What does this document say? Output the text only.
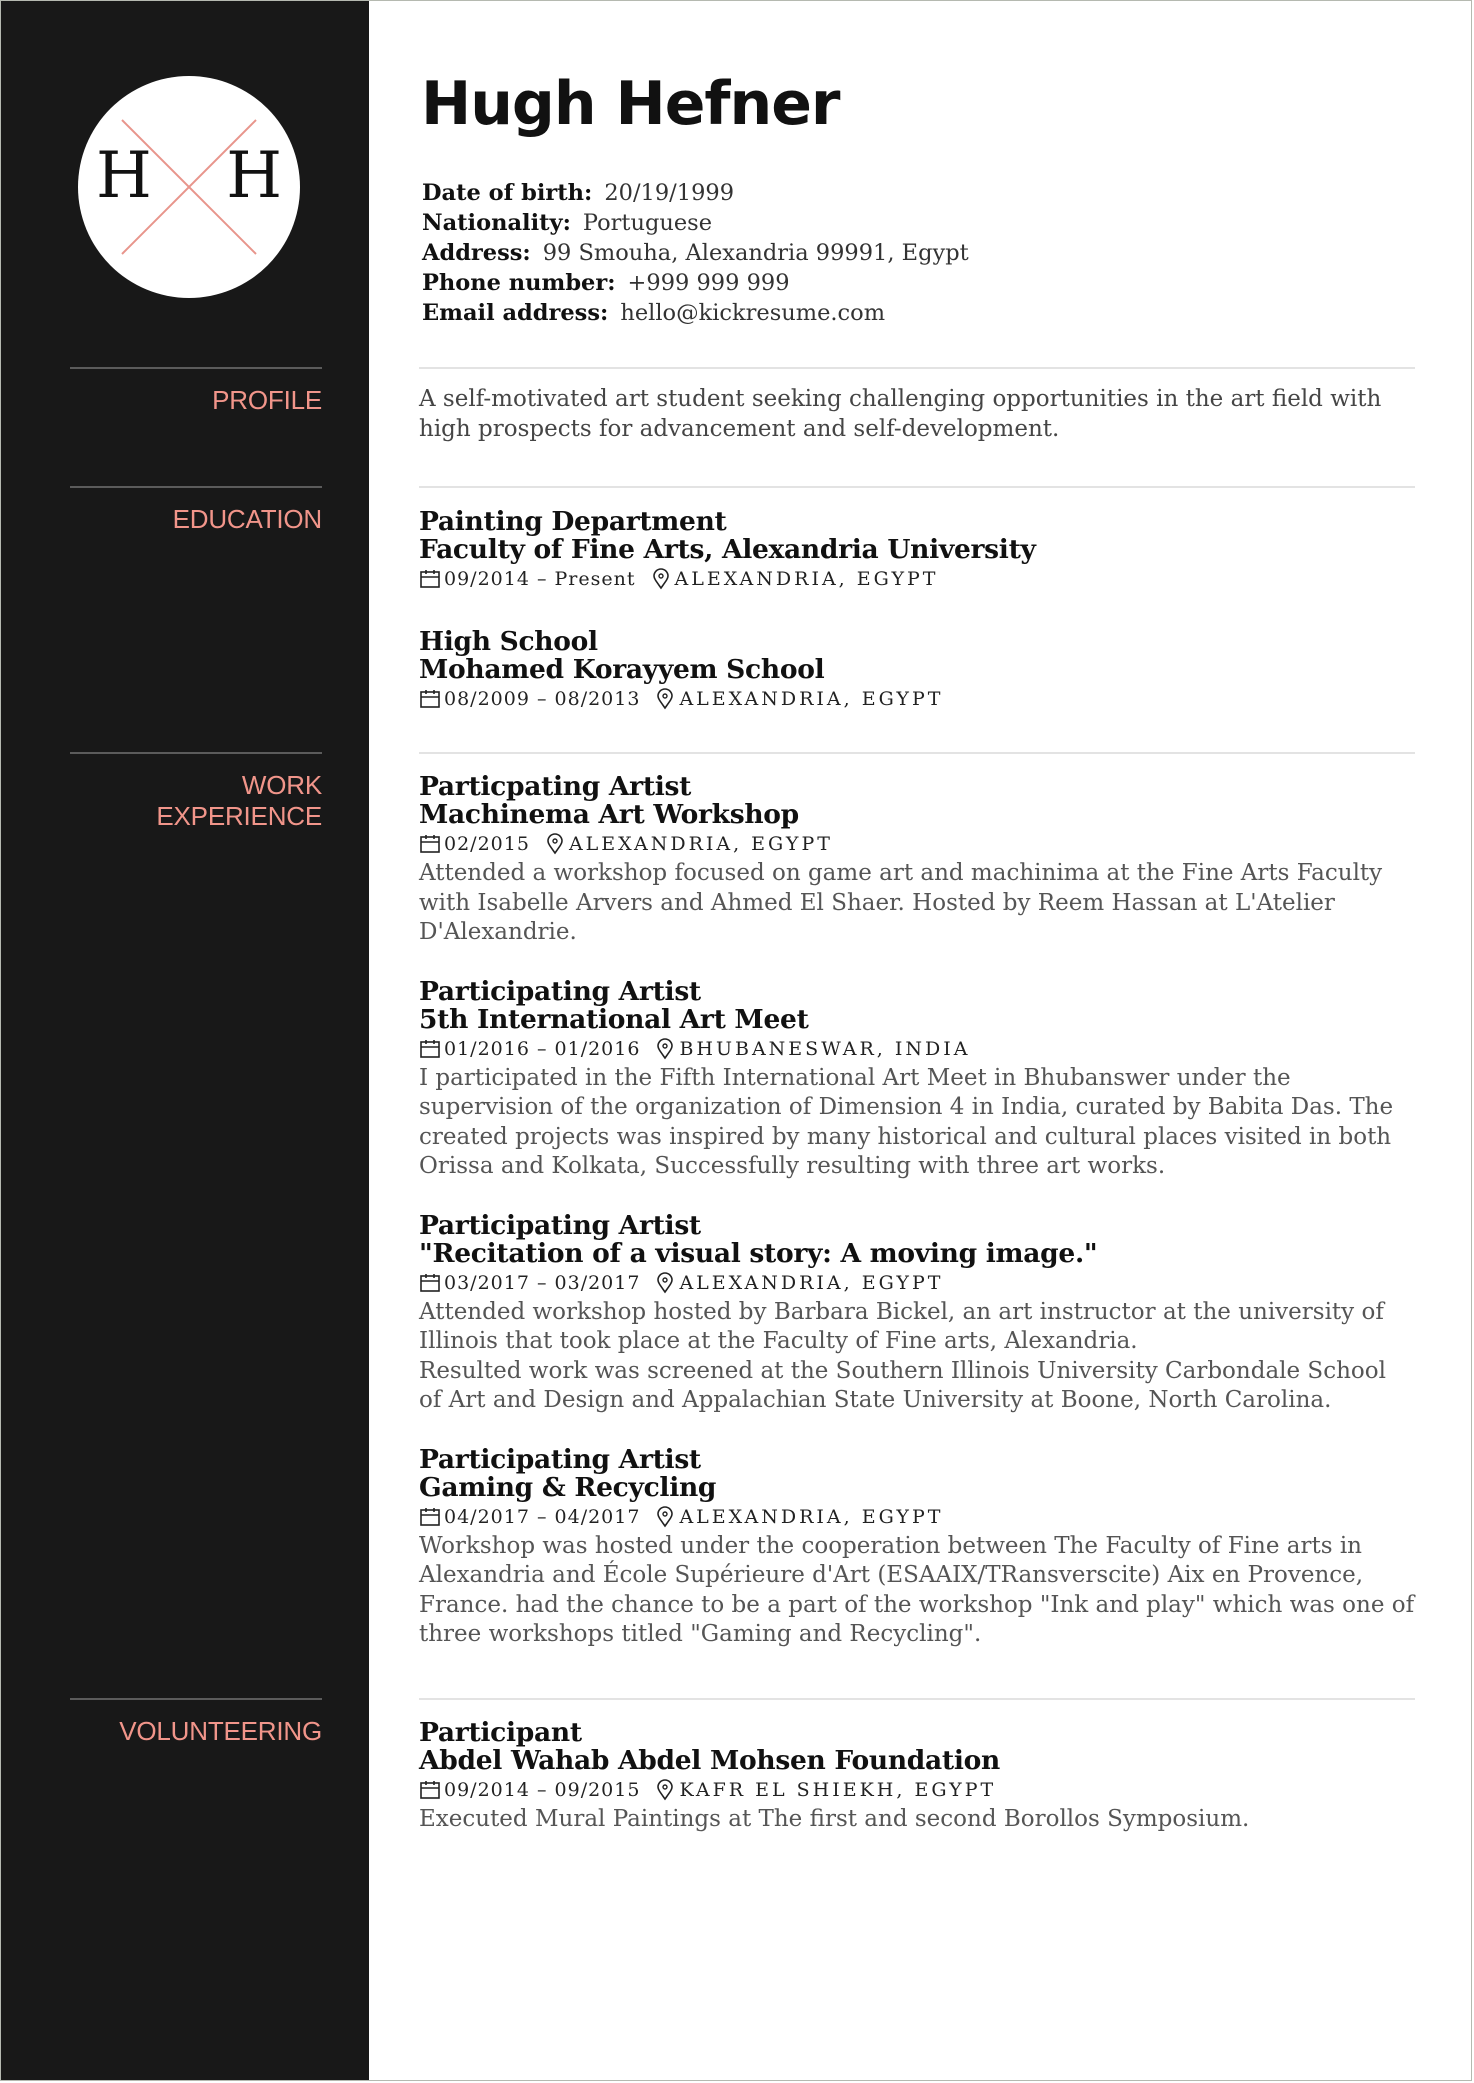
H H
PROFILE
EDUCATION
WORK EXPERIENCE
VOLUNTEERING
Hugh Hefner
Date of birth: 20/19/1999
Nationality: Portuguese
Address: 99 Smouha, Alexandria 99991, Egypt
Phone number: +999 999 999
Email address: hello@kickresume.com

A self-motivated art student seeking challenging opportunities in the art field with high prospects for advancement and self-development.

Painting Department
Faculty of Fine Arts, Alexandria University
09/2014 – Present ALEXANDRIA, EGYPT
High School
Mohamed Korayyem School
08/2009 – 08/2013 ALEXANDRIA, EGYPT
Particpating Artist
Machinema Art Workshop
02/2015 ALEXANDRIA, EGYPT

Attended a workshop focused on game art and machinima at the Fine Arts Faculty with Isabelle Arvers and Ahmed El Shaer. Hosted by Reem Hassan at L'Atelier D'Alexandrie.

Participating Artist
5th International Art Meet
01/2016 – 01/2016 BHUBANESWAR, INDIA

I participated in the Fifth International Art Meet in Bhubanswer under the supervision of the organization of Dimension 4 in India, curated by Babita Das. The created projects was inspired by many historical and cultural places visited in both Orissa and Kolkata, Successfully resulting with three art works.

Participating Artist
"Recitation of a visual story: A moving image."
03/2017 – 03/2017 ALEXANDRIA, EGYPT

Attended workshop hosted by Barbara Bickel, an art instructor at the university of Illinois that took place at the Faculty of Fine arts, Alexandria.

Resulted work was screened at the Southern Illinois University Carbondale School of Art and Design and Appalachian State University at Boone, North Carolina.

Participating Artist
Gaming & Recycling
04/2017 – 04/2017 ALEXANDRIA, EGYPT

Workshop was hosted under the cooperation between The Faculty of Fine arts in Alexandria and École Supérieure d'Art (ESAAIX/TRansverscite) Aix en Provence, France. had the chance to be a part of the workshop "Ink and play" which was one of three workshops titled "Gaming and Recycling".

Participant
Abdel Wahab Abdel Mohsen Foundation
09/2014 – 09/2015 KAFR EL SHIEKH, EGYPT

Executed Mural Paintings at The first and second Borollos Symposium.
